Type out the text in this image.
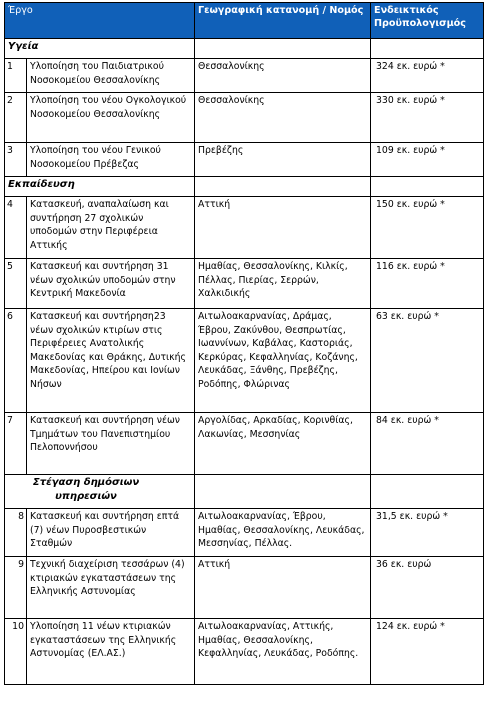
Έργο		Γεωγραφική κατανομή / Νομός	Ενδεικτικός Προϋπολογισμός
Υγεία			
1	Υλοποίηση του Παιδιατρικού Νοσοκομείου Θεσσαλονίκης	Θεσσαλονίκης	324 εκ. ευρώ *
2	Υλοποίηση του νέου Ογκολογικού Νοσοκομείου Θεσσαλονίκης	Θεσσαλονίκης	330 εκ. ευρώ *
3	Υλοποίηση του νέου Γενικού Νοσοκομείου Πρέβεζας	Πρεβέζης	109 εκ. ευρώ *
Εκπαίδευση			
4	Κατασκευή, αναπαλαίωση και συντήρηση 27 σχολικών υποδομών στην Περιφέρεια Αττικής	Αττική	150 εκ. ευρώ *
5	Κατασκευή και συντήρηση 31 νέων σχολικών υποδομών στην Κεντρική Μακεδονία	Ημαθίας, Θεσσαλονίκης, Κιλκίς, Πέλλας, Πιερίας, Σερρών, Χαλκιδικής	116 εκ. ευρώ *
6	Κατασκευή και συντήρηση23 νέων σχολικών κτιρίων στις Περιφέρειες Ανατολικής Μακεδονίας και Θράκης, Δυτικής Μακεδονίας, Ηπείρου και Ιονίων Νήσων	Αιτωλοακαρνανίας, Δράμας, Έβρου, Ζακύνθου, Θεσπρωτίας, Ιωαννίνων, Καβάλας, Καστοριάς, Κερκύρας, Κεφαλληνίας, Κοζάνης, Λευκάδας, Ξάνθης, Πρεβέζης, Ροδόπης, Φλώρινας	63 εκ. ευρώ *
7	Κατασκευή και συντήρηση νέων Τμημάτων του Πανεπιστημίου Πελοποννήσου	Αργολίδας, Αρκαδίας, Κορινθίας, Λακωνίας, Μεσσηνίας	84 εκ. ευρώ *
Στέγαση δημόσιων υπηρεσιών			
8	Κατασκευή και συντήρηση επτά (7) νέων Πυροσβεστικών Σταθμών	Αιτωλοακαρνανίας, Έβρου, Ημαθίας, Θεσσαλονίκης, Λευκάδας, Μεσσηνίας, Πέλλας.	31,5 εκ. ευρώ *
9	Τεχνική διαχείριση τεσσάρων (4) κτιριακών εγκαταστάσεων της Ελληνικής Αστυνομίας	Αττική	36 εκ. ευρώ
10	Υλοποίηση 11 νέων κτιριακών εγκαταστάσεων της Ελληνικής Αστυνομίας (ΕΛ.ΑΣ.)	Αιτωλοακαρνανίας, Αττικής, Ημαθίας, Θεσσαλονίκης, Κεφαλληνίας, Λευκάδας, Ροδόπης.	124 εκ. ευρώ *
